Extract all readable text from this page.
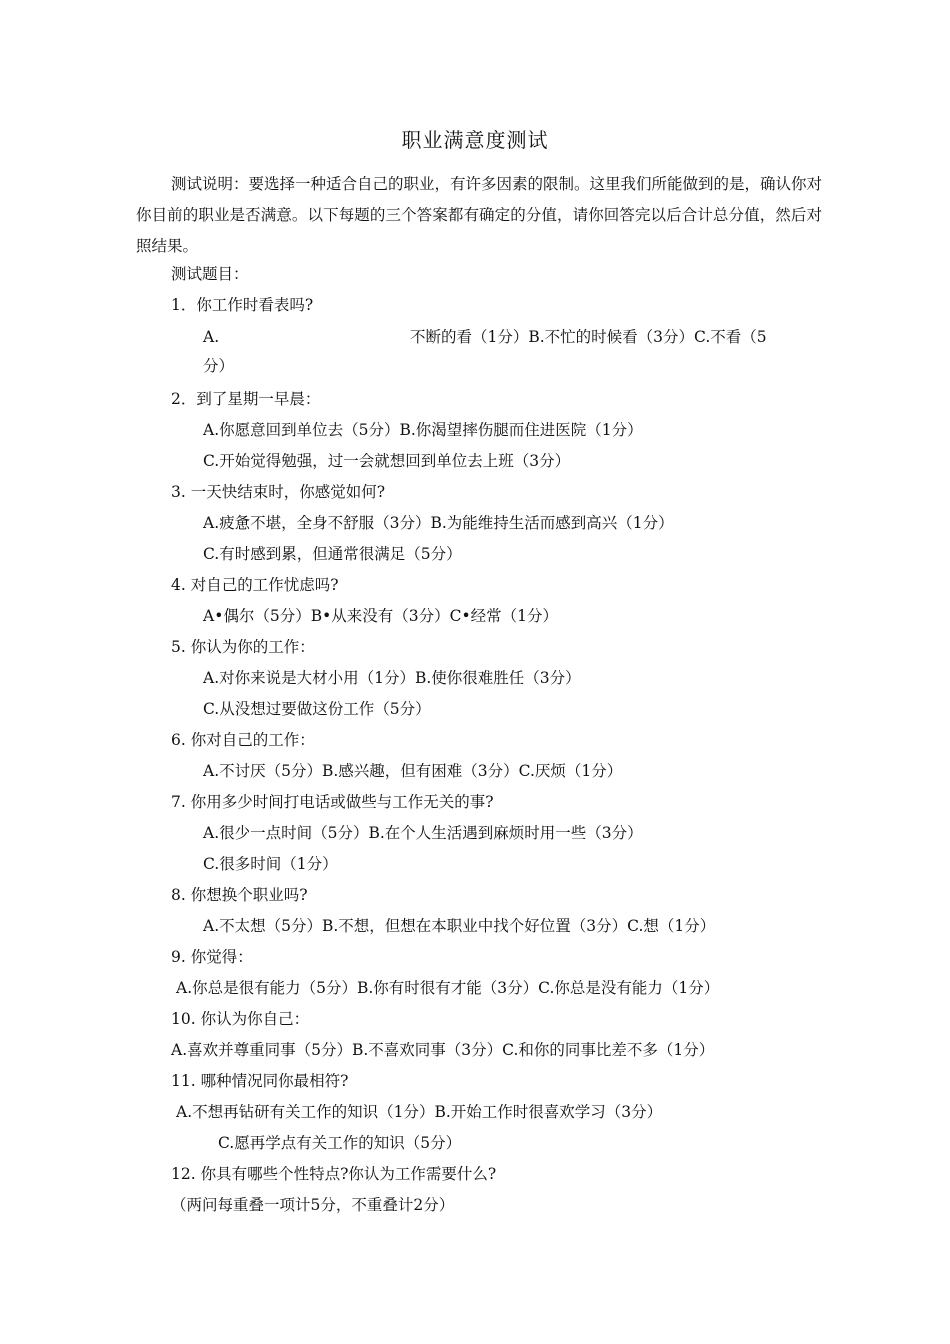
职业满意度测试
测试说明：要选择一种适合自己的职业，有许多因素的限制。这里我们所能做到的是，确认你对你目前的职业是否满意。以下每题的三个答案都有确定的分值，请你回答完以后合计总分值，然后对照结果。
测试题目：
1．你工作时看表吗?
A.	不断的看（1分）B.不忙的时候看（3分）C.不看（5
分）
2．到了星期一早晨：
A.你愿意回到单位去（5分）B.你渴望摔伤腿而住进医院（1分）
C.开始觉得勉强，过一会就想回到单位去上班（3分）
3. 一天快结束时，你感觉如何?
A.疲惫不堪，全身不舒服（3分）B.为能维持生活而感到高兴（1分）
C.有时感到累，但通常很满足（5分）
4. 对自己的工作忧虑吗?
A•偶尔（5分）B•从来没有（3分）C•经常（1分）
5. 你认为你的工作：
A.对你来说是大材小用（1分）B.使你很难胜任（3分）
C.从没想过要做这份工作（5分）
6. 你对自己的工作：
A.不讨厌（5分）B.感兴趣，但有困难（3分）C.厌烦（1分）
7. 你用多少时间打电话或做些与工作无关的事?
A.很少一点时间（5分）B.在个人生活遇到麻烦时用一些（3分）
C.很多时间（1分）
8. 你想换个职业吗?
A.不太想（5分）B.不想，但想在本职业中找个好位置（3分）C.想（1分）
9. 你觉得：
A.你总是很有能力（5分）B.你有时很有才能（3分）C.你总是没有能力（1分）
10. 你认为你自己：
A.喜欢并尊重同事（5分）B.不喜欢同事（3分）C.和你的同事比差不多（1分）
11. 哪种情况同你最相符?
A.不想再钻研有关工作的知识（1分）B.开始工作时很喜欢学习（3分）
C.愿再学点有关工作的知识（5分）
12. 你具有哪些个性特点?你认为工作需要什么?
（两问每重叠一项计5分，不重叠计2分）
